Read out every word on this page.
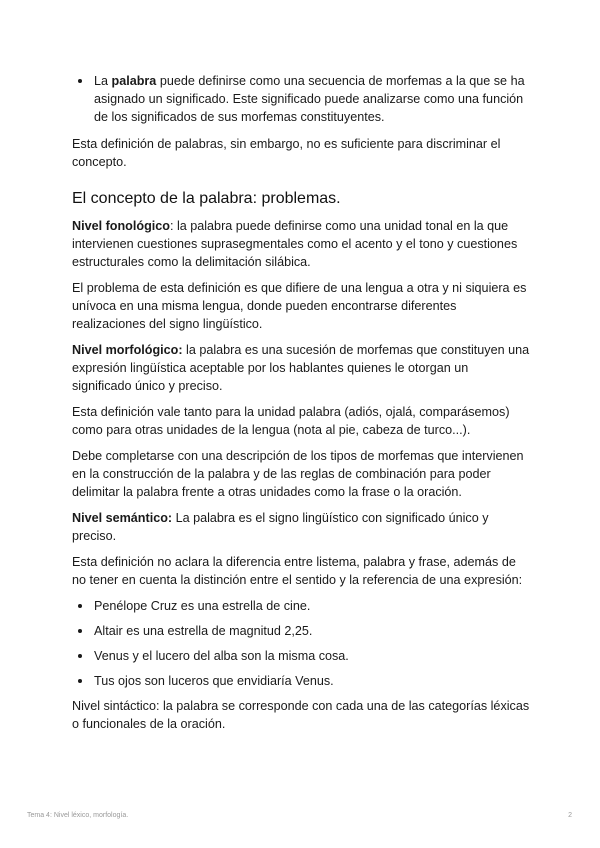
La palabra puede definirse como una secuencia de morfemas a la que se ha asignado un significado. Este significado puede analizarse como una función de los significados de sus morfemas constituyentes.

Esta definición de palabras, sin embargo, no es suficiente para discriminar el concepto.

El concepto de la palabra: problemas.

Nivel fonológico: la palabra puede definirse como una unidad tonal en la que intervienen cuestiones suprasegmentales como el acento y el tono y cuestiones estructurales como la delimitación silábica.

El problema de esta definición es que difiere de una lengua a otra y ni siquiera es unívoca en una misma lengua, donde pueden encontrarse diferentes realizaciones del signo lingüístico.

Nivel morfológico: la palabra es una sucesión de morfemas que constituyen una expresión lingüística aceptable por los hablantes quienes le otorgan un significado único y preciso.

Esta definición vale tanto para la unidad palabra (adiós, ojalá, comparásemos) como para otras unidades de la lengua (nota al pie, cabeza de turco...).

Debe completarse con una descripción de los tipos de morfemas que intervienen en la construcción de la palabra y de las reglas de combinación para poder delimitar la palabra frente a otras unidades como la frase o la oración.

Nivel semántico: La palabra es el signo lingüístico con significado único y preciso.

Esta definición no aclara la diferencia entre listema, palabra y frase, además de no tener en cuenta la distinción entre el sentido y la referencia de una expresión:

Penélope Cruz es una estrella de cine.
Altair es una estrella de magnitud 2,25.
Venus y el lucero del alba son la misma cosa.
Tus ojos son luceros que envidiaría Venus.

Nivel sintáctico: la palabra se corresponde con cada una de las categorías léxicas o funcionales de la oración.

Tema 4: Nivel léxico, morfología.	2
